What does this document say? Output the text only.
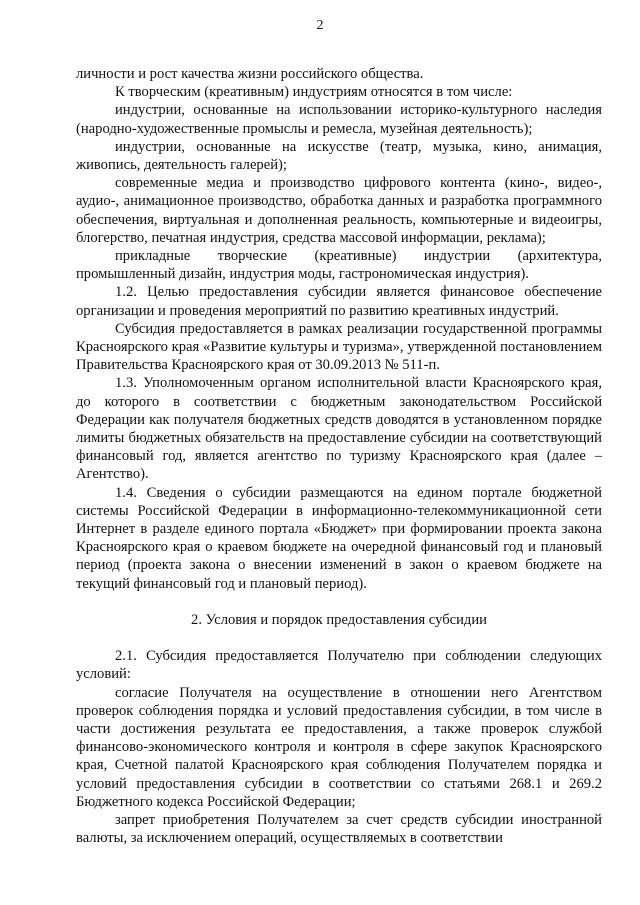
2

личности и рост качества жизни российского общества.

К творческим (креативным) индустриям относятся в том числе:

индустрии, основанные на использовании историко-культурного наследия (народно-художественные промыслы и ремесла, музейная деятельность);

индустрии, основанные на искусстве (театр, музыка, кино, анимация, живопись, деятельность галерей);

современные медиа и производство цифрового контента (кино-, видео-, аудио-, анимационное производство, обработка данных и разработка программного обеспечения, виртуальная и дополненная реальность, компьютерные и видеоигры, блогерство, печатная индустрия, средства массовой информации, реклама);

прикладные творческие (креативные) индустрии (архитектура, промышленный дизайн, индустрия моды, гастрономическая индустрия).

1.2. Целью предоставления субсидии является финансовое обеспечение организации и проведения мероприятий по развитию креативных индустрий.

Субсидия предоставляется в рамках реализации государственной программы Красноярского края «Развитие культуры и туризма», утвержденной постановлением Правительства Красноярского края от 30.09.2013 № 511-п.

1.3. Уполномоченным органом исполнительной власти Красноярского края, до которого в соответствии с бюджетным законодательством Российской Федерации как получателя бюджетных средств доводятся в установленном порядке лимиты бюджетных обязательств на предоставление субсидии на соответствующий финансовый год, является агентство по туризму Красноярского края (далее – Агентство).

1.4. Сведения о субсидии размещаются на едином портале бюджетной системы Российской Федерации в информационно-телекоммуникационной сети Интернет в разделе единого портала «Бюджет» при формировании проекта закона Красноярского края о краевом бюджете на очередной финансовый год и плановый период (проекта закона о внесении изменений в закон о краевом бюджете на текущий финансовый год и плановый период).

2. Условия и порядок предоставления субсидии

2.1. Субсидия предоставляется Получателю при соблюдении следующих условий:

согласие Получателя на осуществление в отношении него Агентством проверок соблюдения порядка и условий предоставления субсидии, в том числе в части достижения результата ее предоставления, а также проверок службой финансово-экономического контроля и контроля в сфере закупок Красноярского края, Счетной палатой Красноярского края соблюдения Получателем порядка и условий предоставления субсидии в соответствии со статьями 268.1 и 269.2 Бюджетного кодекса Российской Федерации;

запрет приобретения Получателем за счет средств субсидии иностранной валюты, за исключением операций, осуществляемых в соответствии
